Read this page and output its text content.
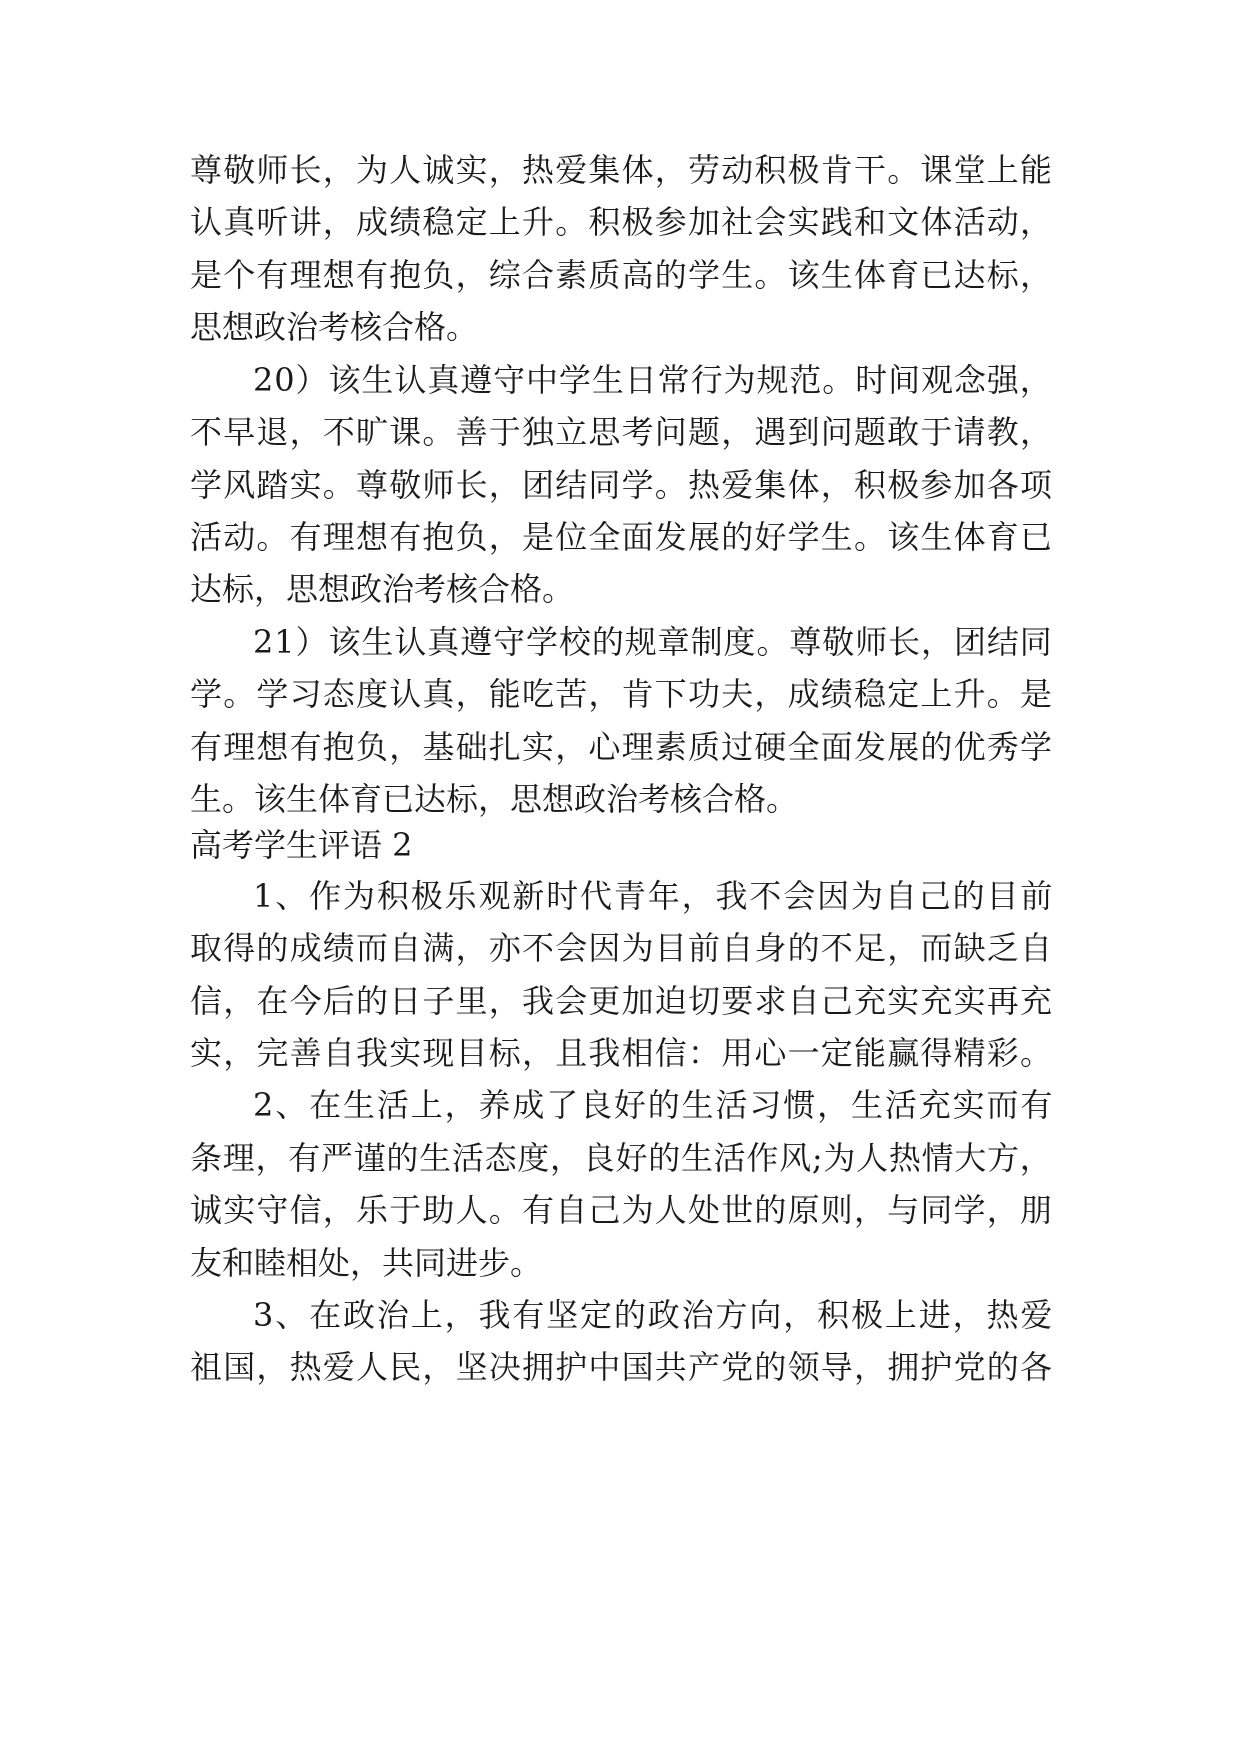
尊敬师长，为人诚实，热爱集体，劳动积极肯干。课堂上能
认真听讲，成绩稳定上升。积极参加社会实践和文体活动，
是个有理想有抱负，综合素质高的学生。该生体育已达标，
思想政治考核合格。
20）该生认真遵守中学生日常行为规范。时间观念强，
不早退，不旷课。善于独立思考问题，遇到问题敢于请教，
学风踏实。尊敬师长，团结同学。热爱集体，积极参加各项
活动。有理想有抱负，是位全面发展的好学生。该生体育已
达标，思想政治考核合格。
21）该生认真遵守学校的规章制度。尊敬师长，团结同
学。学习态度认真，能吃苦，肯下功夫，成绩稳定上升。是
有理想有抱负，基础扎实，心理素质过硬全面发展的优秀学
生。该生体育已达标，思想政治考核合格。
高考学生评语 2
1、作为积极乐观新时代青年，我不会因为自己的目前
取得的成绩而自满，亦不会因为目前自身的不足，而缺乏自
信，在今后的日子里，我会更加迫切要求自己充实充实再充
实，完善自我实现目标，且我相信：用心一定能赢得精彩。
2、在生活上，养成了良好的生活习惯，生活充实而有
条理，有严谨的生活态度，良好的生活作风;为人热情大方，
诚实守信，乐于助人。有自己为人处世的原则，与同学，朋
友和睦相处，共同进步。
3、在政治上，我有坚定的政治方向，积极上进，热爱
祖国，热爱人民，坚决拥护中国共产党的领导，拥护党的各
